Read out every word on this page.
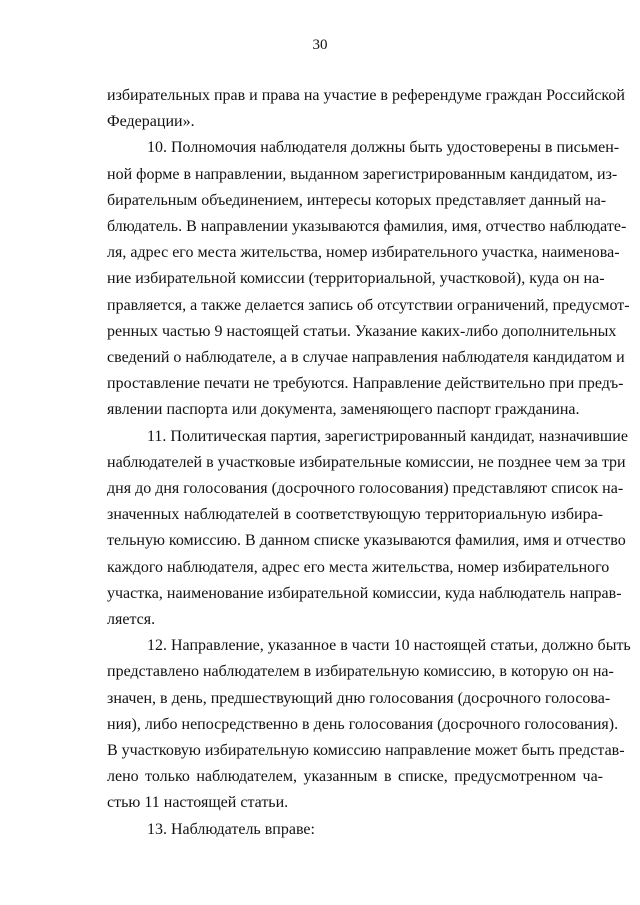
30
избирательных прав и права на участие в референдуме граждан Российской
Федерации».
10. Полномочия наблюдателя должны быть удостоверены в письмен-
ной форме в направлении, выданном зарегистрированным кандидатом, из-
бирательным объединением, интересы которых представляет данный на-
блюдатель. В направлении указываются фамилия, имя, отчество наблюдате-
ля, адрес его места жительства, номер избирательного участка, наименова-
ние избирательной комиссии (территориальной, участковой), куда он на-
правляется, а также делается запись об отсутствии ограничений, предусмот-
ренных частью 9 настоящей статьи. Указание каких-либо дополнительных
сведений о наблюдателе, а в случае направления наблюдателя кандидатом и
проставление печати не требуются. Направление действительно при предъ-
явлении паспорта или документа, заменяющего паспорт гражданина.
11. Политическая партия, зарегистрированный кандидат, назначившие
наблюдателей в участковые избирательные комиссии, не позднее чем за три
дня до дня голосования (досрочного голосования) представляют список на-
значенных наблюдателей в соответствующую территориальную избира-
тельную комиссию. В данном списке указываются фамилия, имя и отчество
каждого наблюдателя, адрес его места жительства, номер избирательного
участка, наименование избирательной комиссии, куда наблюдатель направ-
ляется.
12. Направление, указанное в части 10 настоящей статьи, должно быть
представлено наблюдателем в избирательную комиссию, в которую он на-
значен, в день, предшествующий дню голосования (досрочного голосова-
ния), либо непосредственно в день голосования (досрочного голосования).
В участковую избирательную комиссию направление может быть представ-
лено только наблюдателем, указанным в списке, предусмотренном ча-
стью 11 настоящей статьи.
13. Наблюдатель вправе:
